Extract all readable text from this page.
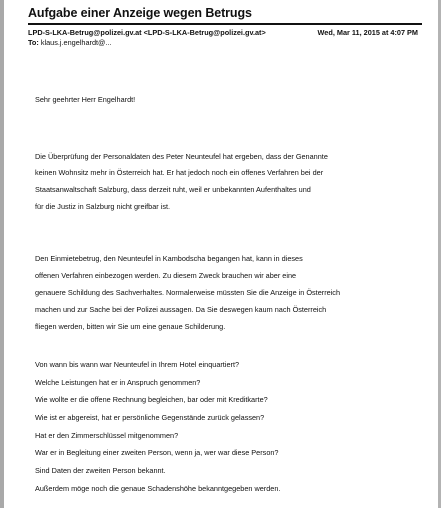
Aufgabe einer Anzeige wegen Betrugs
LPD-S-LKA-Betrug@polizei.gv.at <LPD-S-LKA-Betrug@polizei.gv.at>	Wed, Mar 11, 2015 at 4:07 PM
To: klaus.j.engelhardt@...
Sehr geehrter Herr Engelhardt!
Die Überprüfung der Personaldaten des Peter Neunteufel hat ergeben, dass der Genannte
keinen Wohnsitz mehr in Österreich hat. Er hat jedoch noch ein offenes Verfahren bei der
Staatsanwaltschaft Salzburg, dass derzeit ruht, weil er unbekannten Aufenthaltes und
für die Justiz in Salzburg nicht greifbar ist.
Den Einmietebetrug, den Neunteufel in Kambodscha begangen hat, kann in dieses
offenen Verfahren einbezogen werden. Zu diesem Zweck brauchen wir aber eine
genauere Schildung des Sachverhaltes. Normalerweise müssten Sie die Anzeige in Österreich
machen und zur Sache bei der Polizei aussagen. Da Sie deswegen kaum nach Österreich
fliegen werden, bitten wir Sie um eine genaue Schilderung.
Von wann bis wann war Neunteufel in Ihrem Hotel einquartiert?
Welche Leistungen hat er in Anspruch genommen?
Wie wollte er die offene Rechnung begleichen, bar oder mit Kreditkarte?
Wie ist er abgereist, hat er persönliche Gegenstände zurück gelassen?
Hat er den Zimmerschlüssel mitgenommen?
War er in Begleitung einer zweiten Person, wenn ja, wer war diese Person?
Sind Daten der zweiten Person bekannt.
Außerdem möge noch die genaue Schadenshöhe bekanntgegeben werden.
